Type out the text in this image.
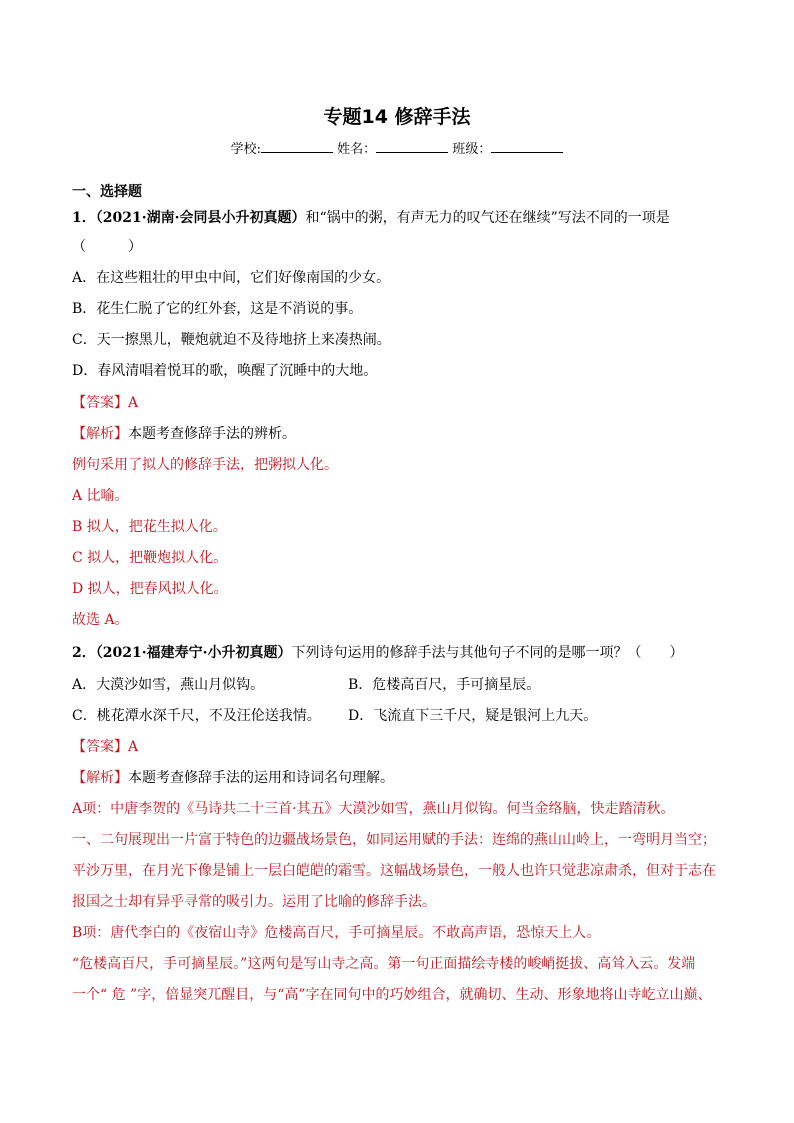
专题14 修辞手法
学校:	姓名：	班级：
一、选择题
1．（2021·湖南·会同县小升初真题）和“锅中的粥，有声无力的叹气还在继续”写法不同的一项是
（　　　）
A．在这些粗壮的甲虫中间，它们好像南国的少女。
B．花生仁脱了它的红外套，这是不消说的事。
C．天一擦黑儿，鞭炮就迫不及待地挤上来凑热闹。
D．春风清唱着悦耳的歌，唤醒了沉睡中的大地。
【答案】A
【解析】本题考查修辞手法的辨析。
例句采用了拟人的修辞手法，把粥拟人化。
A 比喻。
B 拟人，把花生拟人化。
C 拟人，把鞭炮拟人化。
D 拟人，把春风拟人化。
故选 A。
2．（2021·福建寿宁·小升初真题）下列诗句运用的修辞手法与其他句子不同的是哪一项？（　　）
A．大漠沙如雪，燕山月似钩。	B．危楼高百尺，手可摘星辰。
C．桃花潭水深千尺，不及汪伦送我情。 D．飞流直下三千尺，疑是银河上九天。
【答案】A
【解析】本题考查修辞手法的运用和诗词名句理解。
A项：中唐李贺的《马诗共二十三首·其五》大漠沙如雪，燕山月似钩。何当金络脑，快走踏清秋。
一、二句展现出一片富于特色的边疆战场景色，如同运用赋的手法：连绵的燕山山岭上，一弯明月当空；
平沙万里，在月光下像是铺上一层白皑皑的霜雪。这幅战场景色，一般人也许只觉悲凉肃杀，但对于志在
报国之士却有异乎寻常的吸引力。运用了比喻的修辞手法。
B项：唐代李白的《夜宿山寺》危楼高百尺，手可摘星辰。不敢高声语，恐惊天上人。
“危楼高百尺，手可摘星辰。”这两句是写山寺之高。第一句正面描绘寺楼的峻峭挺拔、高耸入云。发端
一个“ 危 ”字，倍显突兀醒目，与“高”字在同句中的巧妙组合，就确切、生动、形象地将山寺屹立山巅、
